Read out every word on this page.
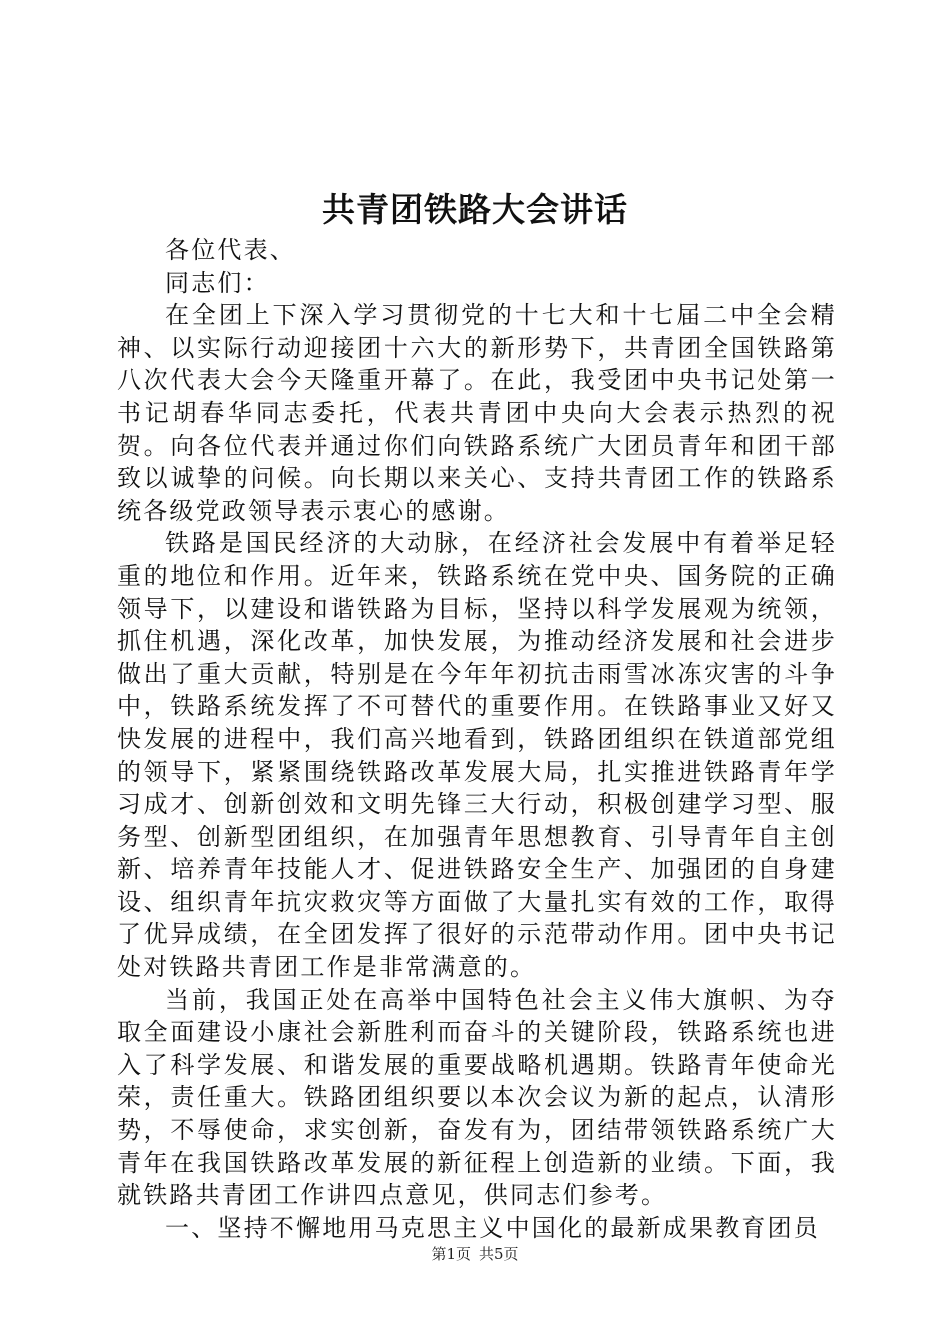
共青团铁路大会讲话

各位代表、

同志们：

在全团上下深入学习贯彻党的十七大和十七届二中全会精神、以实际行动迎接团十六大的新形势下，共青团全国铁路第八次代表大会今天隆重开幕了。在此，我受团中央书记处第一书记胡春华同志委托，代表共青团中央向大会表示热烈的祝贺。向各位代表并通过你们向铁路系统广大团员青年和团干部致以诚挚的问候。向长期以来关心、支持共青团工作的铁路系统各级党政领导表示衷心的感谢。

铁路是国民经济的大动脉，在经济社会发展中有着举足轻重的地位和作用。近年来，铁路系统在党中央、国务院的正确领导下，以建设和谐铁路为目标，坚持以科学发展观为统领，抓住机遇，深化改革，加快发展，为推动经济发展和社会进步做出了重大贡献，特别是在今年年初抗击雨雪冰冻灾害的斗争中，铁路系统发挥了不可替代的重要作用。在铁路事业又好又快发展的进程中，我们高兴地看到，铁路团组织在铁道部党组的领导下，紧紧围绕铁路改革发展大局，扎实推进铁路青年学习成才、创新创效和文明先锋三大行动，积极创建学习型、服务型、创新型团组织，在加强青年思想教育、引导青年自主创新、培养青年技能人才、促进铁路安全生产、加强团的自身建设、组织青年抗灾救灾等方面做了大量扎实有效的工作，取得了优异成绩，在全团发挥了很好的示范带动作用。团中央书记处对铁路共青团工作是非常满意的。

当前，我国正处在高举中国特色社会主义伟大旗帜、为夺取全面建设小康社会新胜利而奋斗的关键阶段，铁路系统也进入了科学发展、和谐发展的重要战略机遇期。铁路青年使命光荣，责任重大。铁路团组织要以本次会议为新的起点，认清形势，不辱使命，求实创新，奋发有为，团结带领铁路系统广大青年在我国铁路改革发展的新征程上创造新的业绩。下面，我就铁路共青团工作讲四点意见，供同志们参考。

一、坚持不懈地用马克思主义中国化的最新成果教育团员

第1页 共5页
